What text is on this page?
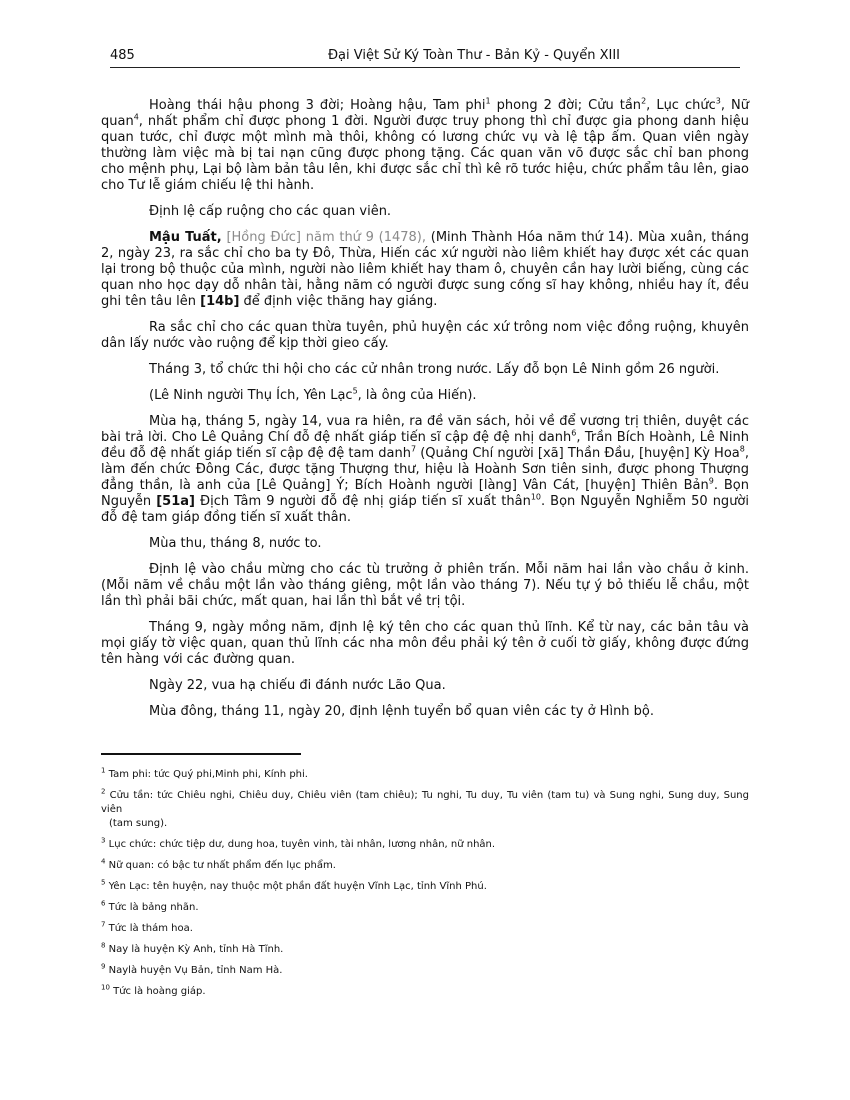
485	Đại Việt Sử Ký Toàn Thư - Bản Kỷ - Quyển XIII

Hoàng thái hậu phong 3 đời; Hoàng hậu, Tam phi$^1$ phong 2 đời; Cửu tần$^2$, Lục chức$^3$, Nữ quan$^4$, nhất phẩm chỉ được phong 1 đời. Người được truy phong thì chỉ được gia phong danh hiệu quan tước, chỉ được một mình mà thôi, không có lương chức vụ và lệ tập ấm. Quan viên ngày thường làm việc mà bị tai nạn cũng được phong tặng. Các quan văn võ được sắc chỉ ban phong cho mệnh phụ, Lại bộ làm bản tâu lên, khi được sắc chỉ thì kê rõ tước hiệu, chức phẩm tâu lên, giao cho Tư lễ giám chiếu lệ thi hành.

Định lệ cấp ruộng cho các quan viên.

Mậu Tuất, [Hồng Đức] năm thứ 9 (1478), (Minh Thành Hóa năm thứ 14). Mùa xuân, tháng 2, ngày 23, ra sắc chỉ cho ba ty Đô, Thừa, Hiến các xứ người nào liêm khiết hay được xét các quan lại trong bộ thuộc của mình, người nào liêm khiết hay tham ô, chuyên cần hay lười biếng, cùng các quan nho học dạy dỗ nhân tài, hằng năm có người được sung cống sĩ hay không, nhiều hay ít, đều ghi tên tâu lên [14b] để định việc thăng hay giáng.

Ra sắc chỉ cho các quan thừa tuyên, phủ huyện các xứ trông nom việc đồng ruộng, khuyên dân lấy nước vào ruộng để kịp thời gieo cấy.

Tháng 3, tổ chức thi hội cho các cử nhân trong nước. Lấy đỗ bọn Lê Ninh gồm 26 người.

(Lê Ninh người Thụ Ích, Yên Lạc$^5$, là ông của Hiến).

Mùa hạ, tháng 5, ngày 14, vua ra hiên, ra đề văn sách, hỏi về để vương trị thiên, duyệt các bài trả lời. Cho Lê Quảng Chí đỗ đệ nhất giáp tiến sĩ cập đệ đệ nhị danh$^6$, Trần Bích Hoành, Lê Ninh đều đỗ đệ nhất giáp tiến sĩ cập đệ đệ tam danh$^7$ (Quảng Chí người [xã] Thần Đầu, [huyện] Kỳ Hoa$^8$, làm đến chức Đông Các, được tặng Thượng thư, hiệu là Hoành Sơn tiên sinh, được phong Thượng đẳng thần, là anh của [Lê Quảng] Ý; Bích Hoành người [làng] Vân Cát, [huyện] Thiên Bản$^9$. Bọn Nguyễn [51a] Địch Tâm 9 người đỗ đệ nhị giáp tiến sĩ xuất thân$^{10}$. Bọn Nguyễn Nghiễm 50 người đỗ đệ tam giáp đồng tiến sĩ xuất thân.

Mùa thu, tháng 8, nước to.

Định lệ vào chầu mừng cho các tù trưởng ở phiên trấn. Mỗi năm hai lần vào chầu ở kinh. (Mỗi năm về chầu một lần vào tháng giêng, một lần vào tháng 7). Nếu tự ý bỏ thiếu lễ chầu, một lần thì phải bãi chức, mất quan, hai lần thì bắt về trị tội.

Tháng 9, ngày mồng năm, định lệ ký tên cho các quan thủ lĩnh. Kể từ nay, các bản tâu và mọi giấy tờ việc quan, quan thủ lĩnh các nha môn đều phải ký tên ở cuối tờ giấy, không được đứng tên hàng với các đường quan.

Ngày 22, vua hạ chiếu đi đánh nước Lão Qua.

Mùa đông, tháng 11, ngày 20, định lệnh tuyển bổ quan viên các ty ở Hình bộ.

$^1$ Tam phi: tức Quý phi,Minh phi, Kính phi.
$^2$ Cửu tần: tức Chiêu nghi, Chiêu duy, Chiêu viên (tam chiêu); Tu nghi, Tu duy, Tu viên (tam tu) và Sung nghi, Sung duy, Sung viên
(tam sung).
$^3$ Lục chức: chức tiệp dư, dung hoa, tuyên vinh, tài nhân, lương nhân, nữ nhân.
$^4$ Nữ quan: có bậc tư nhất phẩm đến lục phẩm.
$^5$ Yên Lạc: tên huyện, nay thuộc một phần đất huyện Vĩnh Lạc, tỉnh Vĩnh Phú.
$^6$ Tức là bảng nhãn.
$^7$ Tức là thám hoa.
$^8$ Nay là huyện Kỳ Anh, tỉnh Hà Tĩnh.
$^9$ Naylà huyện Vụ Bản, tỉnh Nam Hà.
$^{10}$ Tức là hoàng giáp.
